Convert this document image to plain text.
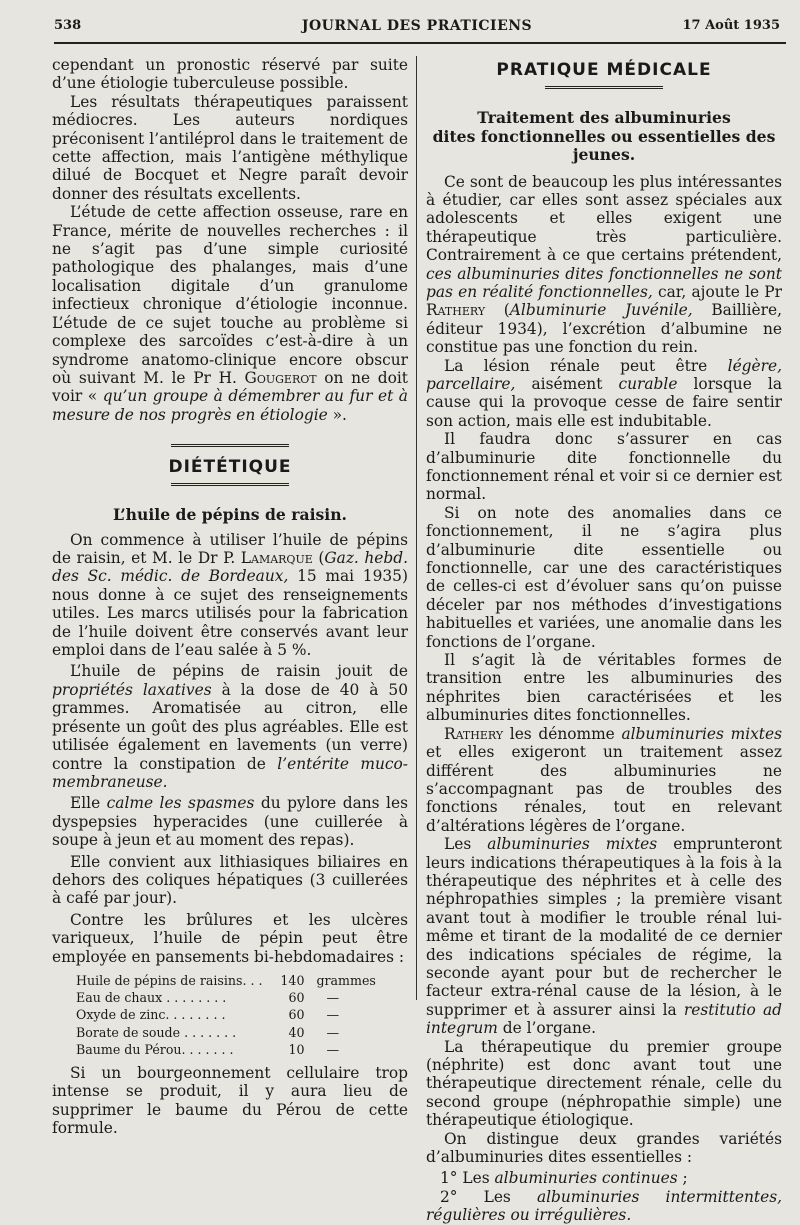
538	JOURNAL DES PRATICIENS	17 Août 1935

cependant un pronostic réservé par suite d’une étiologie tuberculeuse possible.

Les résultats thérapeutiques paraissent médiocres. Les auteurs nordiques préconisent l’antiléprol dans le traitement de cette affection, mais l’antigène méthylique dilué de Bocquet et Negre paraît devoir donner des résultats excellents.

L’étude de cette affection osseuse, rare en France, mérite de nouvelles recherches : il ne s’agit pas d’une simple curiosité pathologique des phalanges, mais d’une localisation digitale d’un granulome infectieux chronique d’étiologie inconnue. L’étude de ce sujet touche au problème si complexe des sarcoïdes c’est-à-dire à un syndrome anatomo-clinique encore obscur où suivant M. le Pr H. Gougerot on ne doit voir « qu’un groupe à démembrer au fur et à mesure de nos progrès en étiologie ».

DIÉTÉTIQUE
L’huile de pépins de raisin.

On commence à utiliser l’huile de pépins de raisin, et M. le Dr P. Lamarque (Gaz. hebd. des Sc. médic. de Bordeaux, 15 mai 1935) nous donne à ce sujet des renseignements utiles. Les marcs utilisés pour la fabrication de l’huile doivent être conservés avant leur emploi dans de l’eau salée à 5 %.

L’huile de pépins de raisin jouit de propriétés laxatives à la dose de 40 à 50 grammes. Aromatisée au citron, elle présente un goût des plus agréables. Elle est utilisée également en lavements (un verre) contre la constipation de l’entérite muco-membraneuse.

Elle calme les spasmes du pylore dans les dyspepsies hyperacides (une cuillerée à soupe à jeun et au moment des repas).

Elle convient aux lithiasiques biliaires en dehors des coliques hépatiques (3 cuillerées à café par jour).

Contre les brûlures et les ulcères variqueux, l’huile de pépin peut être employée en pansements bi-hebdomadaires :

Huile de pépins de raisins. . .	140	grammes
Eau de chaux . . . . . . . .	60	—
Oxyde de zinc. . . . . . . .	60	—
Borate de soude . . . . . . .	40	—
Baume du Pérou. . . . . . .	10	—

Si un bourgeonnement cellulaire trop intense se produit, il y aura lieu de supprimer le baume du Pérou de cette formule.

PRATIQUE MÉDICALE
Traitement des albuminuries
dites fonctionnelles ou essentielles des jeunes.

Ce sont de beaucoup les plus intéressantes à étudier, car elles sont assez spéciales aux adolescents et elles exigent une thérapeutique très particulière. Contrairement à ce que certains prétendent, ces albuminuries dites fonctionnelles ne sont pas en réalité fonctionnelles, car, ajoute le Pr Rathery (Albuminurie Juvénile, Baillière, éditeur 1934), l’excrétion d’albumine ne constitue pas une fonction du rein.

La lésion rénale peut être légère, parcellaire, aisément curable lorsque la cause qui la provoque cesse de faire sentir son action, mais elle est indubitable.

Il faudra donc s’assurer en cas d’albuminurie dite fonctionnelle du fonctionnement rénal et voir si ce dernier est normal.

Si on note des anomalies dans ce fonctionnement, il ne s’agira plus d’albuminurie dite essentielle ou fonctionnelle, car une des caractéristiques de celles-ci est d’évoluer sans qu’on puisse déceler par nos méthodes d’investigations habituelles et variées, une anomalie dans les fonctions de l’organe.

Il s’agit là de véritables formes de transition entre les albuminuries des néphrites bien caractérisées et les albuminuries dites fonctionnelles.

Rathery les dénomme albuminuries mixtes et elles exigeront un traitement assez différent des albuminuries ne s’accompagnant pas de troubles des fonctions rénales, tout en relevant d’altérations légères de l’organe.

Les albuminuries mixtes emprunteront leurs indications thérapeutiques à la fois à la thérapeutique des néphrites et à celle des néphropathies simples ; la première visant avant tout à modifier le trouble rénal lui-même et tirant de la modalité de ce dernier des indications spéciales de régime, la seconde ayant pour but de rechercher le facteur extra-rénal cause de la lésion, à le supprimer et à assurer ainsi la restitutio ad integrum de l’organe.

La thérapeutique du premier groupe (néphrite) est donc avant tout une thérapeutique directement rénale, celle du second groupe (néphropathie simple) une thérapeutique étiologique.

On distingue deux grandes variétés d’albuminuries dites essentielles :

1° Les albuminuries continues ;

2° Les albuminuries intermittentes, régulières ou irrégulières.
